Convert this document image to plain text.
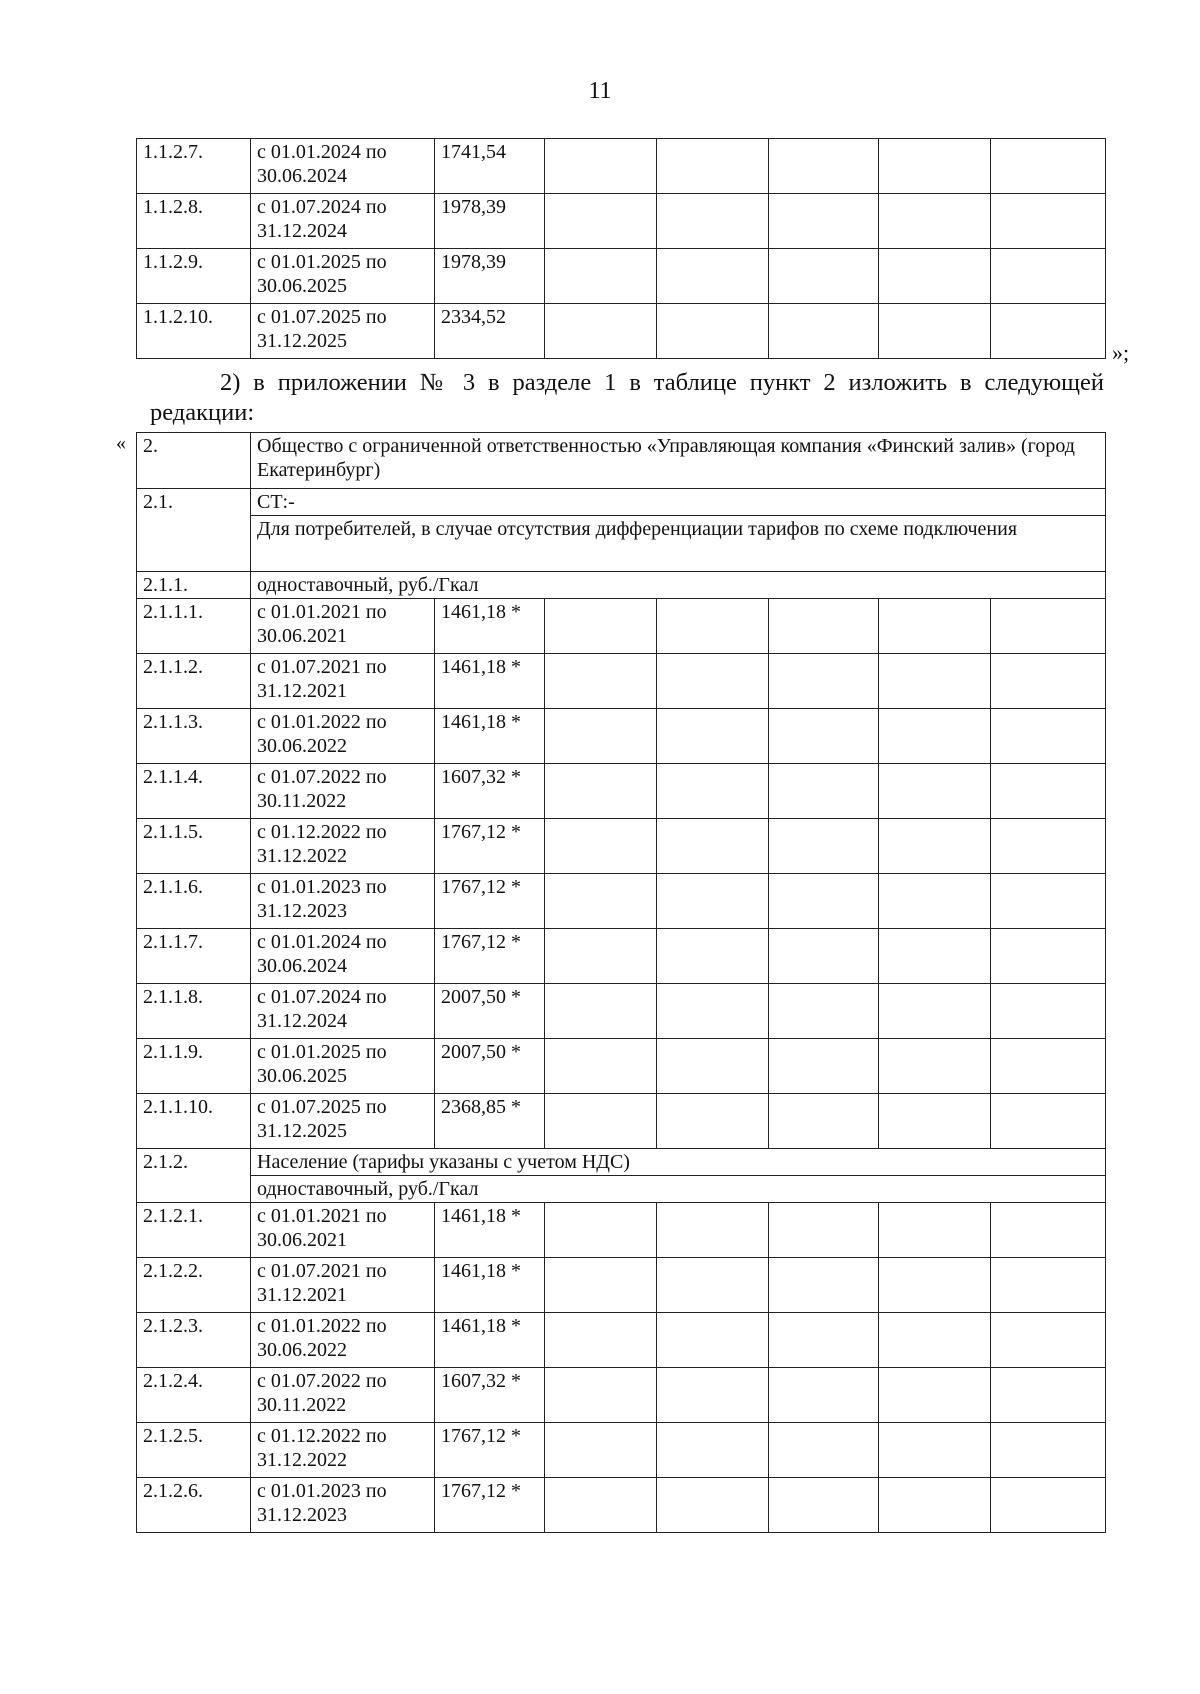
11
1.1.2.7.	с 01.01.2024 по 30.06.2024	1741,54					
1.1.2.8.	с 01.07.2024 по 31.12.2024	1978,39					
1.1.2.9.	с 01.01.2025 по 30.06.2025	1978,39					
1.1.2.10.	с 01.07.2025 по 31.12.2025	2334,52					
»;
2) в приложении № 3 в разделе 1 в таблице пункт 2 изложить в следующей редакции:
« 2.	Общество с ограниченной ответственностью «Управляющая компания «Финский залив» (город Екатеринбург)						
2.1.	СТ:-						
	Для потребителей, в случае отсутствия дифференциации тарифов по схеме подключения						
2.1.1.	одноставочный, руб./Гкал						
2.1.1.1.	с 01.01.2021 по 30.06.2021	1461,18 *					
2.1.1.2.	с 01.07.2021 по 31.12.2021	1461,18 *					
2.1.1.3.	с 01.01.2022 по 30.06.2022	1461,18 *					
2.1.1.4.	с 01.07.2022 по 30.11.2022	1607,32 *					
2.1.1.5.	с 01.12.2022 по 31.12.2022	1767,12 *					
2.1.1.6.	с 01.01.2023 по 31.12.2023	1767,12 *					
2.1.1.7.	с 01.01.2024 по 30.06.2024	1767,12 *					
2.1.1.8.	с 01.07.2024 по 31.12.2024	2007,50 *					
2.1.1.9.	с 01.01.2025 по 30.06.2025	2007,50 *					
2.1.1.10.	с 01.07.2025 по 31.12.2025	2368,85 *					
2.1.2.	Население (тарифы указаны с учетом НДС)						
	одноставочный, руб./Гкал						
2.1.2.1.	с 01.01.2021 по 30.06.2021	1461,18 *					
2.1.2.2.	с 01.07.2021 по 31.12.2021	1461,18 *					
2.1.2.3.	с 01.01.2022 по 30.06.2022	1461,18 *					
2.1.2.4.	с 01.07.2022 по 30.11.2022	1607,32 *					
2.1.2.5.	с 01.12.2022 по 31.12.2022	1767,12 *					
2.1.2.6.	с 01.01.2023 по 31.12.2023	1767,12 *					
